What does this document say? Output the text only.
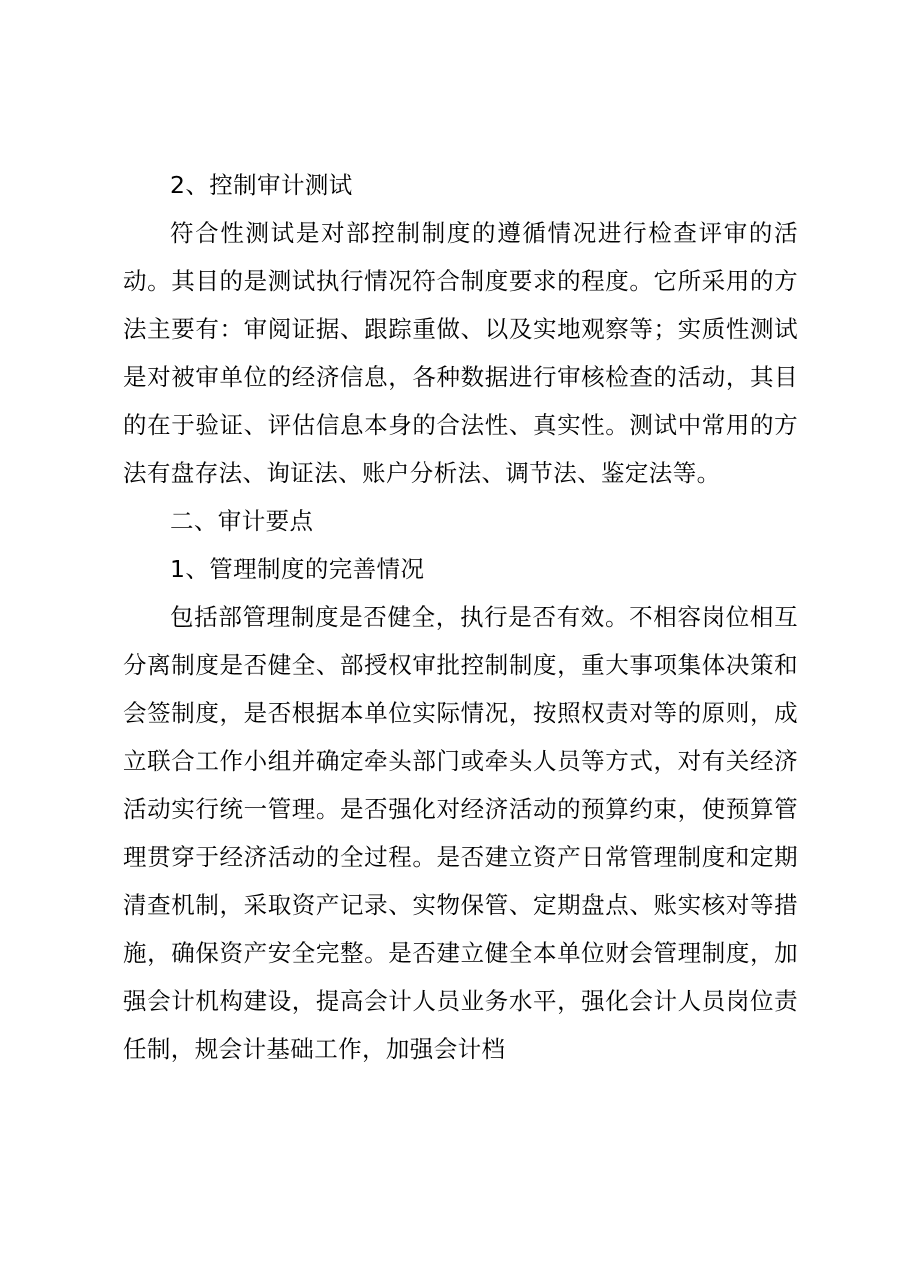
2、控制审计测试

符合性测试是对部控制制度的遵循情况进行检查评审的活动。其目的是测试执行情况符合制度要求的程度。它所采用的方法主要有：审阅证据、跟踪重做、以及实地观察等；实质性测试是对被审单位的经济信息，各种数据进行审核检查的活动，其目的在于验证、评估信息本身的合法性、真实性。测试中常用的方法有盘存法、询证法、账户分析法、调节法、鉴定法等。

二、审计要点

1、管理制度的完善情况

包括部管理制度是否健全，执行是否有效。不相容岗位相互分离制度是否健全、部授权审批控制制度，重大事项集体决策和会签制度，是否根据本单位实际情况，按照权责对等的原则，成立联合工作小组并确定牵头部门或牵头人员等方式，对有关经济活动实行统一管理。是否强化对经济活动的预算约束，使预算管理贯穿于经济活动的全过程。是否建立资产日常管理制度和定期清查机制，采取资产记录、实物保管、定期盘点、账实核对等措施，确保资产安全完整。是否建立健全本单位财会管理制度，加强会计机构建设，提高会计人员业务水平，强化会计人员岗位责任制，规会计基础工作，加强会计档
